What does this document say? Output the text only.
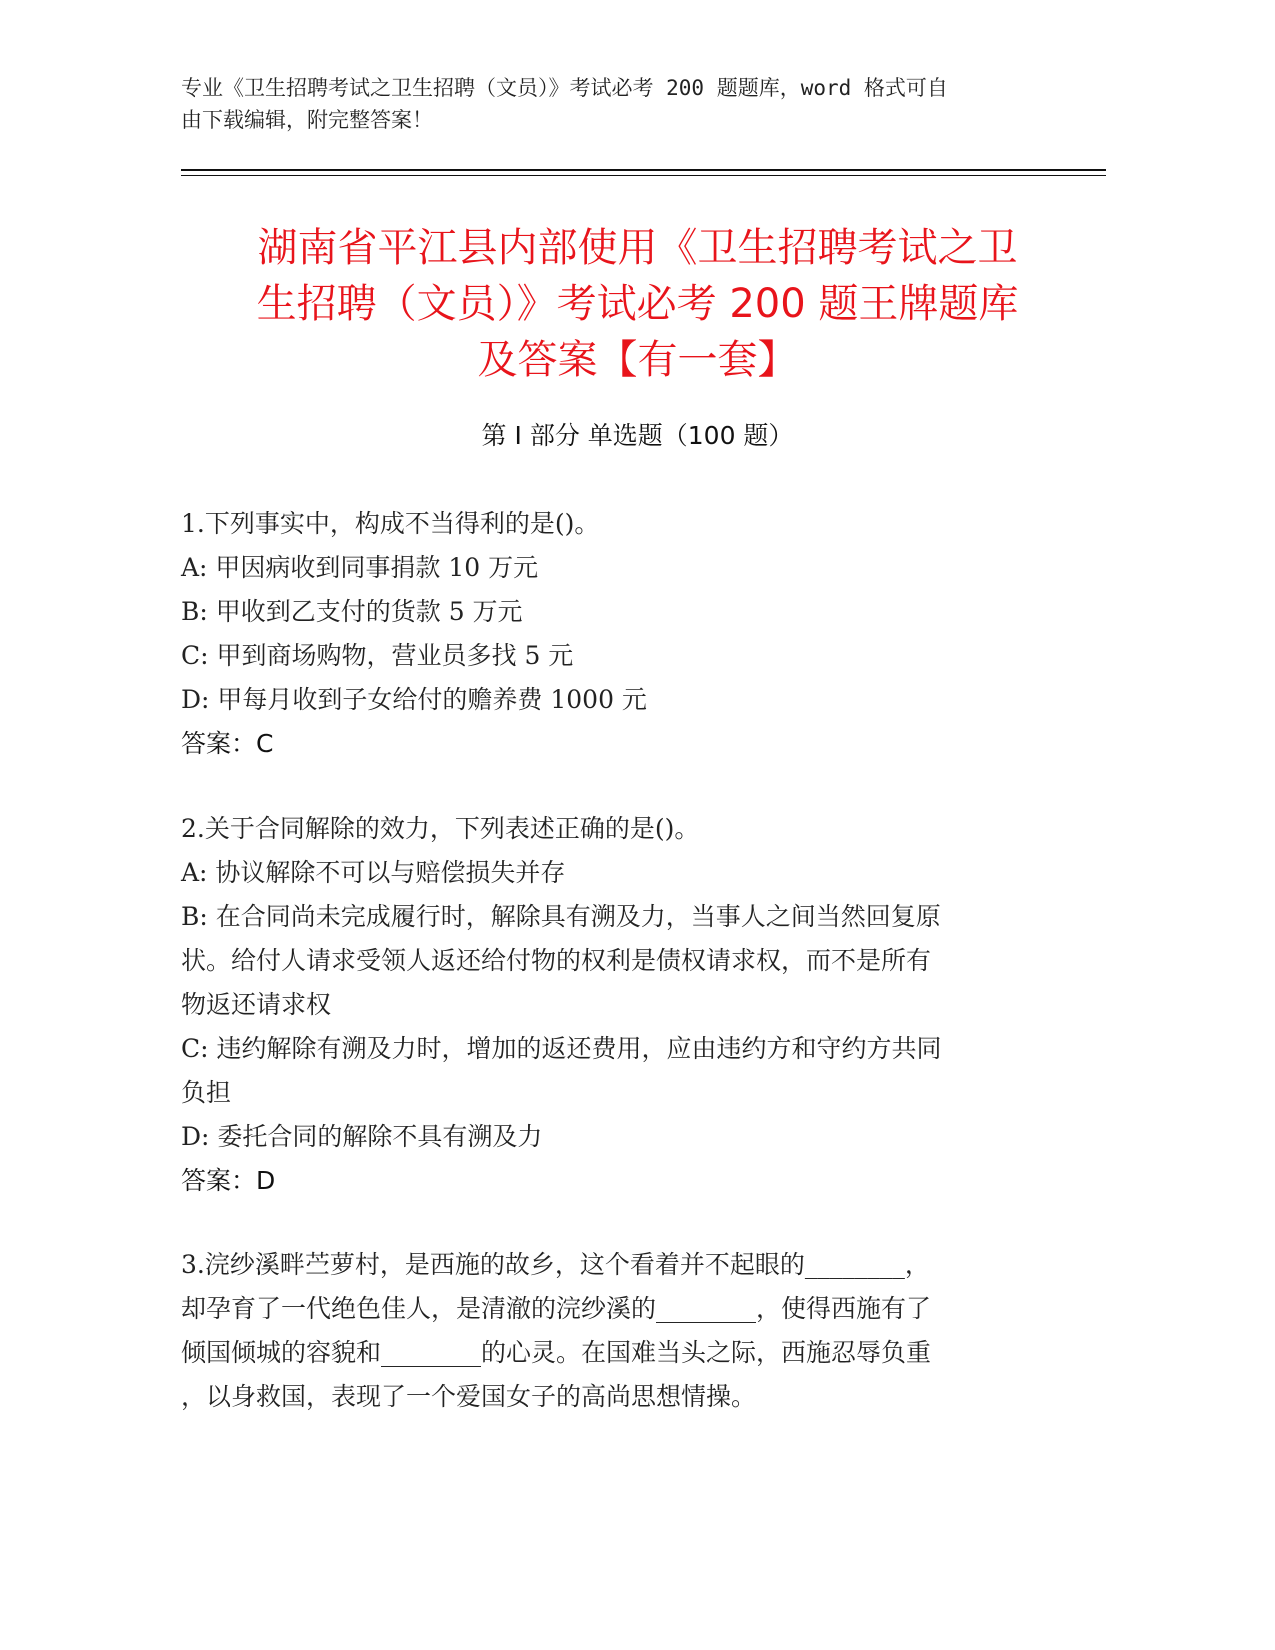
专业《卫生招聘考试之卫生招聘（文员）》考试必考 200 题题库，word 格式可自
由下载编辑，附完整答案！
湖南省平江县内部使用《卫生招聘考试之卫
生招聘（文员）》考试必考 200 题王牌题库
及答案【有一套】
第 I 部分 单选题（100 题）
1.下列事实中，构成不当得利的是()。
A: 甲因病收到同事捐款 10 万元
B: 甲收到乙支付的货款 5 万元
C: 甲到商场购物，营业员多找 5 元
D: 甲每月收到子女给付的赡养费 1000 元
答案：C
2.关于合同解除的效力，下列表述正确的是()。
A: 协议解除不可以与赔偿损失并存
B: 在合同尚未完成履行时，解除具有溯及力，当事人之间当然回复原
状。给付人请求受领人返还给付物的权利是债权请求权，而不是所有
物返还请求权
C: 违约解除有溯及力时，增加的返还费用，应由违约方和守约方共同
负担
D: 委托合同的解除不具有溯及力
答案：D
3.浣纱溪畔苎萝村，是西施的故乡，这个看着并不起眼的________，
却孕育了一代绝色佳人，是清澈的浣纱溪的________，使得西施有了
倾国倾城的容貌和________的心灵。在国难当头之际，西施忍辱负重
，以身救国，表现了一个爱国女子的高尚思想情操。
